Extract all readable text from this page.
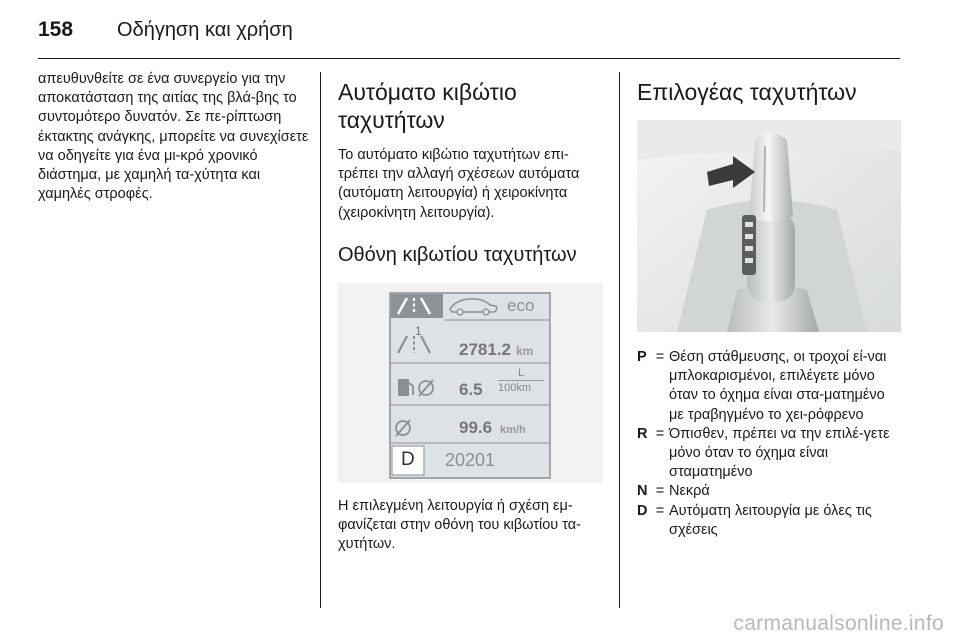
158 Οδήγηση και χρήση

απευθυνθείτε σε ένα συνεργείο για την αποκατάσταση της αιτίας της βλά-βης το συντομότερο δυνατόν. Σε πε-ρίπτωση έκτακτης ανάγκης, μπορείτε να συνεχίσετε να οδηγείτε για ένα μι-κρό χρονικό διάστημα, με χαμηλή τα-χύτητα και χαμηλές στροφές.

Αυτόματο κιβώτιο ταχυτήτων

Το αυτόματο κιβώτιο ταχυτήτων επι-τρέπει την αλλαγή σχέσεων αυτόματα (αυτόματη λειτουργία) ή χειροκίνητα (χειροκίνητη λειτουργία).

Οθόνη κιβωτίου ταχυτήτων
eco
1
2781.2 km
6.5
L
100km
99.6 km/h
D 20201

Η επιλεγμένη λειτουργία ή σχέση εμ-φανίζεται στην οθόνη του κιβωτίου τα-χυτήτων.

Επιλογέας ταχυτήτων
P = Θέση στάθμευσης, οι τροχοί εί-ναι μπλοκαρισμένοι, επιλέγετε μόνο όταν το όχημα είναι στα-ματημένο με τραβηγμένο το χει-ρόφρενο
R = Όπισθεν, πρέπει να την επιλέ-γετε μόνο όταν το όχημα είναι σταματημένο
N = Νεκρά
D = Αυτόματη λειτουργία με όλες τις σχέσεις
carmanualsonline.info
